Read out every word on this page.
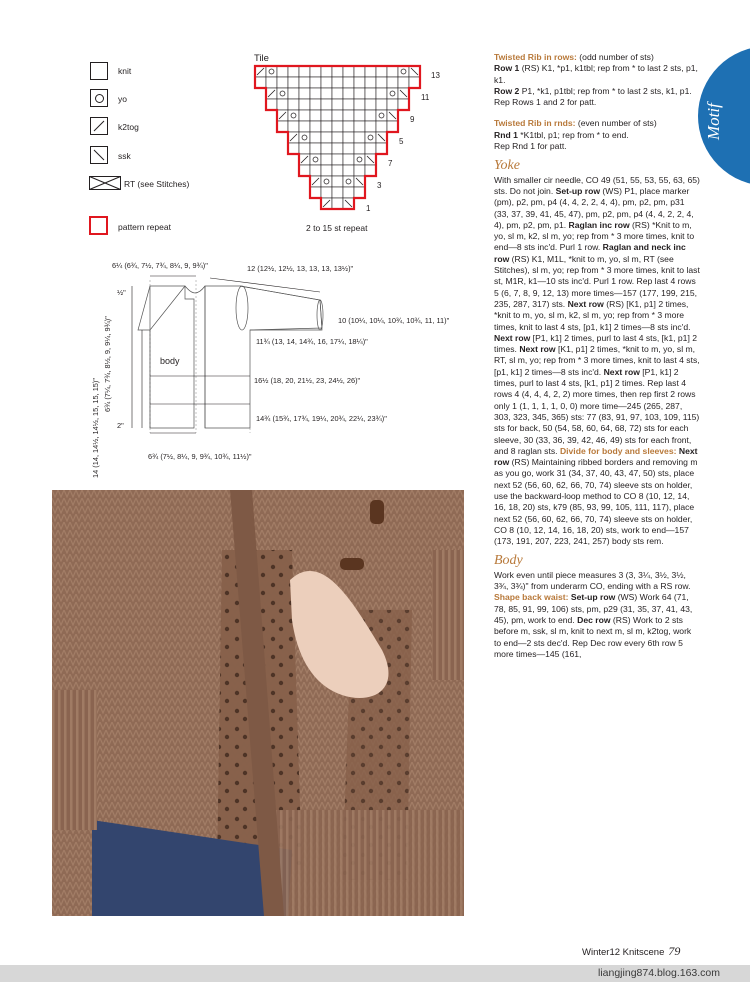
knit
yo
k2tog
ssk
RT (see Stitches)
pattern repeat
Tile
13
11
9
7
5
3
1
2 to 15 st repeat
6¼ (6¾, 7½, 7¾, 8¼, 9, 9¾)"	12 (12½, 12½, 13, 13, 13, 13½)"
½"
10 (10¼, 10¼, 10¾, 10¾, 11, 11)"
11¾ (13, 14, 14¾, 16, 17¼, 18¼)"
body
16½ (18, 20, 21½, 23, 24½, 26)"
14¾ (15¾, 17¾, 19¼, 20¾, 22¼, 23¾)"
2"
6¾ (7½, 8¼, 9, 9¾, 10¾, 11½)"
14 (14, 14½, 14½, 15, 15, 15)"
6¾ (7¼, 7¾, 8½, 9, 9¼, 9¾)"
Motif

Twisted Rib in rows: (odd number of sts)

Row 1 (RS) K1, *p1, k1tbl; rep from * to last 2 sts, p1, k1.

Row 2 P1, *k1, p1tbl; rep from * to last 2 sts, k1, p1.

Rep Rows 1 and 2 for patt.

Twisted Rib in rnds: (even number of sts)

Rnd 1 *K1tbl, p1; rep from * to end.

Rep Rnd 1 for patt.

Yoke

With smaller cir needle, CO 49 (51, 55, 53, 55, 63, 65) sts. Do not join. Set-up row (WS) P1, place marker (pm), p2, pm, p4 (4, 4, 2, 2, 4, 4), pm, p2, pm, p31 (33, 37, 39, 41, 45, 47), pm, p2, pm, p4 (4, 4, 2, 2, 4, 4), pm, p2, pm, p1. Raglan inc row (RS) *Knit to m, yo, sl m, k2, sl m, yo; rep from * 3 more times, knit to end—8 sts inc'd. Purl 1 row. Raglan and neck inc row (RS) K1, M1L, *knit to m, yo, sl m, RT (see Stitches), sl m, yo; rep from * 3 more times, knit to last st, M1R, k1—10 sts inc'd. Purl 1 row. Rep last 4 rows 5 (6, 7, 8, 9, 12, 13) more times—157 (177, 199, 215, 235, 287, 317) sts. Next row (RS) [K1, p1] 2 times, *knit to m, yo, sl m, k2, sl m, yo; rep from * 3 more times, knit to last 4 sts, [p1, k1] 2 times—8 sts inc'd. Next row [P1, k1] 2 times, purl to last 4 sts, [k1, p1] 2 times. Next row [K1, p1] 2 times, *knit to m, yo, sl m, RT, sl m, yo; rep from * 3 more times, knit to last 4 sts, [p1, k1] 2 times—8 sts inc'd. Next row [P1, k1] 2 times, purl to last 4 sts, [k1, p1] 2 times. Rep last 4 rows 4 (4, 4, 4, 2, 2) more times, then rep first 2 rows only 1 (1, 1, 1, 1, 0, 0) more time—245 (265, 287, 303, 323, 345, 365) sts: 77 (83, 91, 97, 103, 109, 115) sts for back, 50 (54, 58, 60, 64, 68, 72) sts for each sleeve, 30 (33, 36, 39, 42, 46, 49) sts for each front, and 8 raglan sts. Divide for body and sleeves: Next row (RS) Maintaining ribbed borders and removing m as you go, work 31 (34, 37, 40, 43, 47, 50) sts, place next 52 (56, 60, 62, 66, 70, 74) sleeve sts on holder, use the backward-loop method to CO 8 (10, 12, 14, 16, 18, 20) sts, k79 (85, 93, 99, 105, 111, 117), place next 52 (56, 60, 62, 66, 70, 74) sleeve sts on holder, CO 8 (10, 12, 14, 16, 18, 20) sts, work to end—157 (173, 191, 207, 223, 241, 257) body sts rem.

Body

Work even until piece measures 3 (3, 3¼, 3½, 3½, 3¾, 3¾)" from underarm CO, ending with a RS row. Shape back waist: Set-up row (WS) Work 64 (71, 78, 85, 91, 99, 106) sts, pm, p29 (31, 35, 37, 41, 43, 45), pm, work to end. Dec row (RS) Work to 2 sts before m, ssk, sl m, knit to next m, sl m, k2tog, work to end—2 sts dec'd. Rep Dec row every 6th row 5 more times—145 (161,

Winter12 Knitscene 79
liangjing874.blog.163.com
